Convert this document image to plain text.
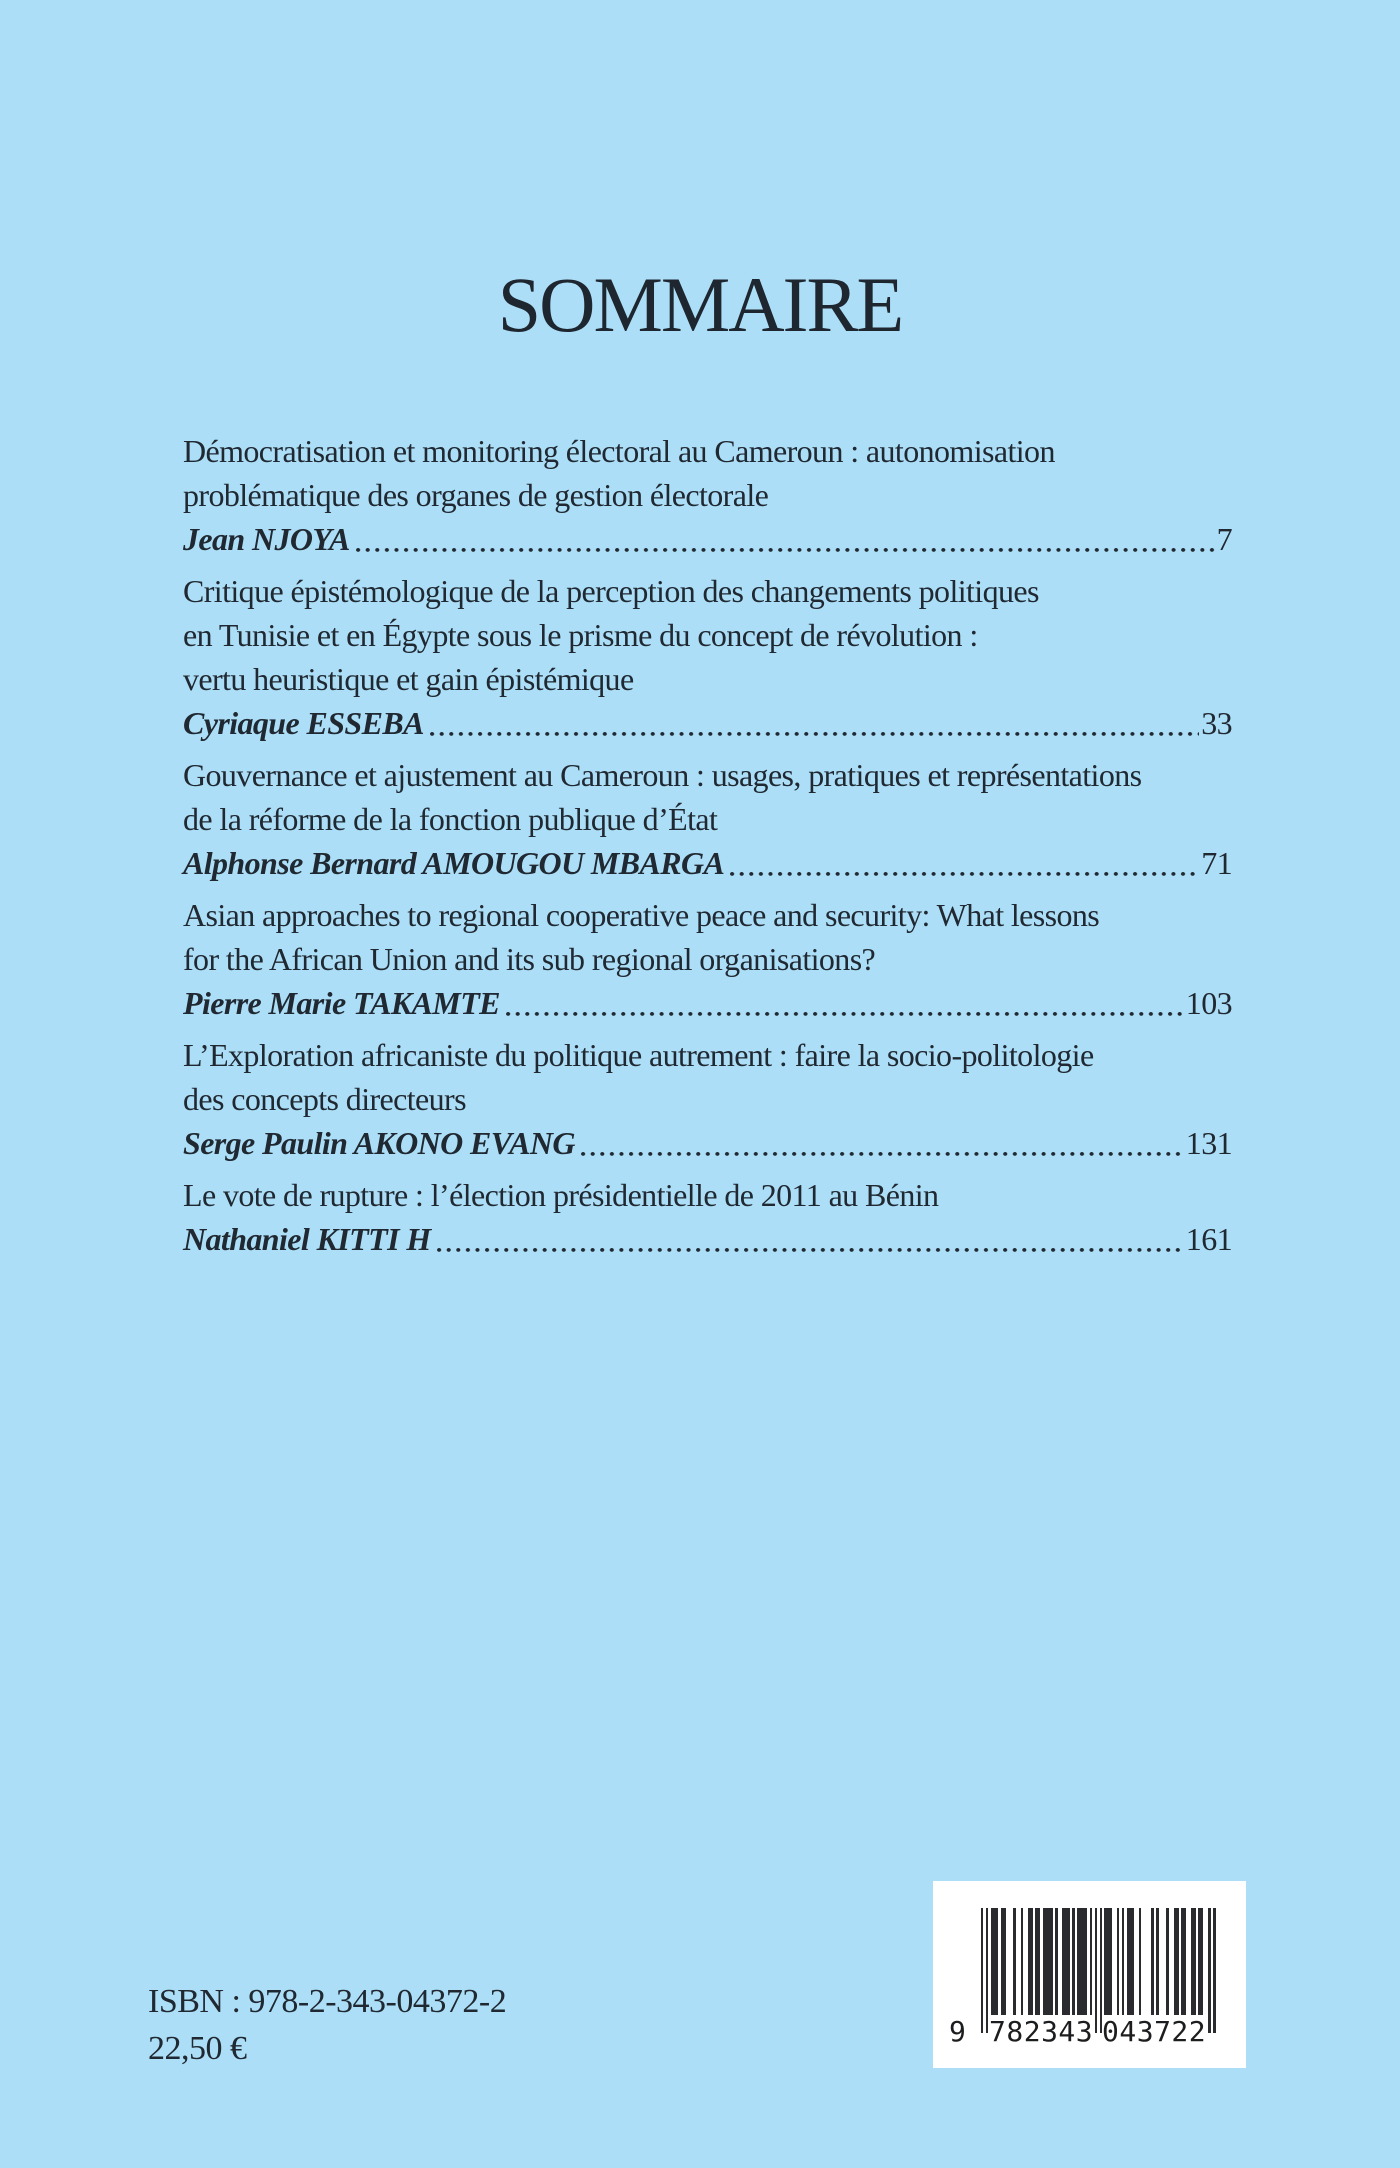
SOMMAIRE
Démocratisation et monitoring électoral au Cameroun : autonomisation
problématique des organes de gestion électorale
Jean NJOYA	7
Critique épistémologique de la perception des changements politiques
en Tunisie et en Égypte sous le prisme du concept de révolution :
vertu heuristique et gain épistémique
Cyriaque ESSEBA	33
Gouvernance et ajustement au Cameroun : usages, pratiques et représentations
de la réforme de la fonction publique d’État
Alphonse Bernard AMOUGOU MBARGA	71
Asian approaches to regional cooperative peace and security: What lessons
for the African Union and its sub regional organisations?
Pierre Marie TAKAMTE	103
L’Exploration africaniste du politique autrement : faire la socio-politologie
des concepts directeurs
Serge Paulin AKONO EVANG	131
Le vote de rupture : l’élection présidentielle de 2011 au Bénin
Nathaniel KITTI H	161
ISBN : 978-2-343-04372-2
22,50 €	9 782343 043722
